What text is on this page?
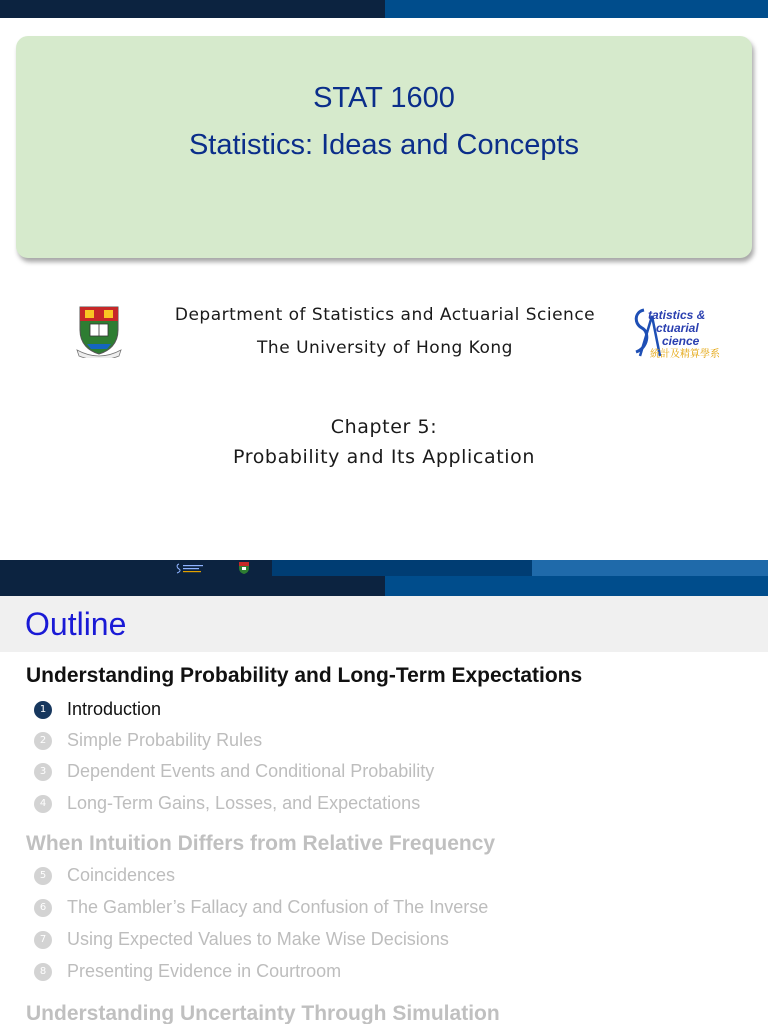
STAT 1600
Statistics: Ideas and Concepts
Department of Statistics and Actuarial Science
The University of Hong Kong
tatistics &
ctuarial
cience
統計及精算學系
Chapter 5:
Probability and Its Application
Outline
Understanding Probability and Long-Term Expectations
1	Introduction
2	Simple Probability Rules
3	Dependent Events and Conditional Probability
4	Long-Term Gains, Losses, and Expectations
When Intuition Differs from Relative Frequency
5	Coincidences
6	The Gambler’s Fallacy and Confusion of The Inverse
7	Using Expected Values to Make Wise Decisions
8	Presenting Evidence in Courtroom
Understanding Uncertainty Through Simulation
